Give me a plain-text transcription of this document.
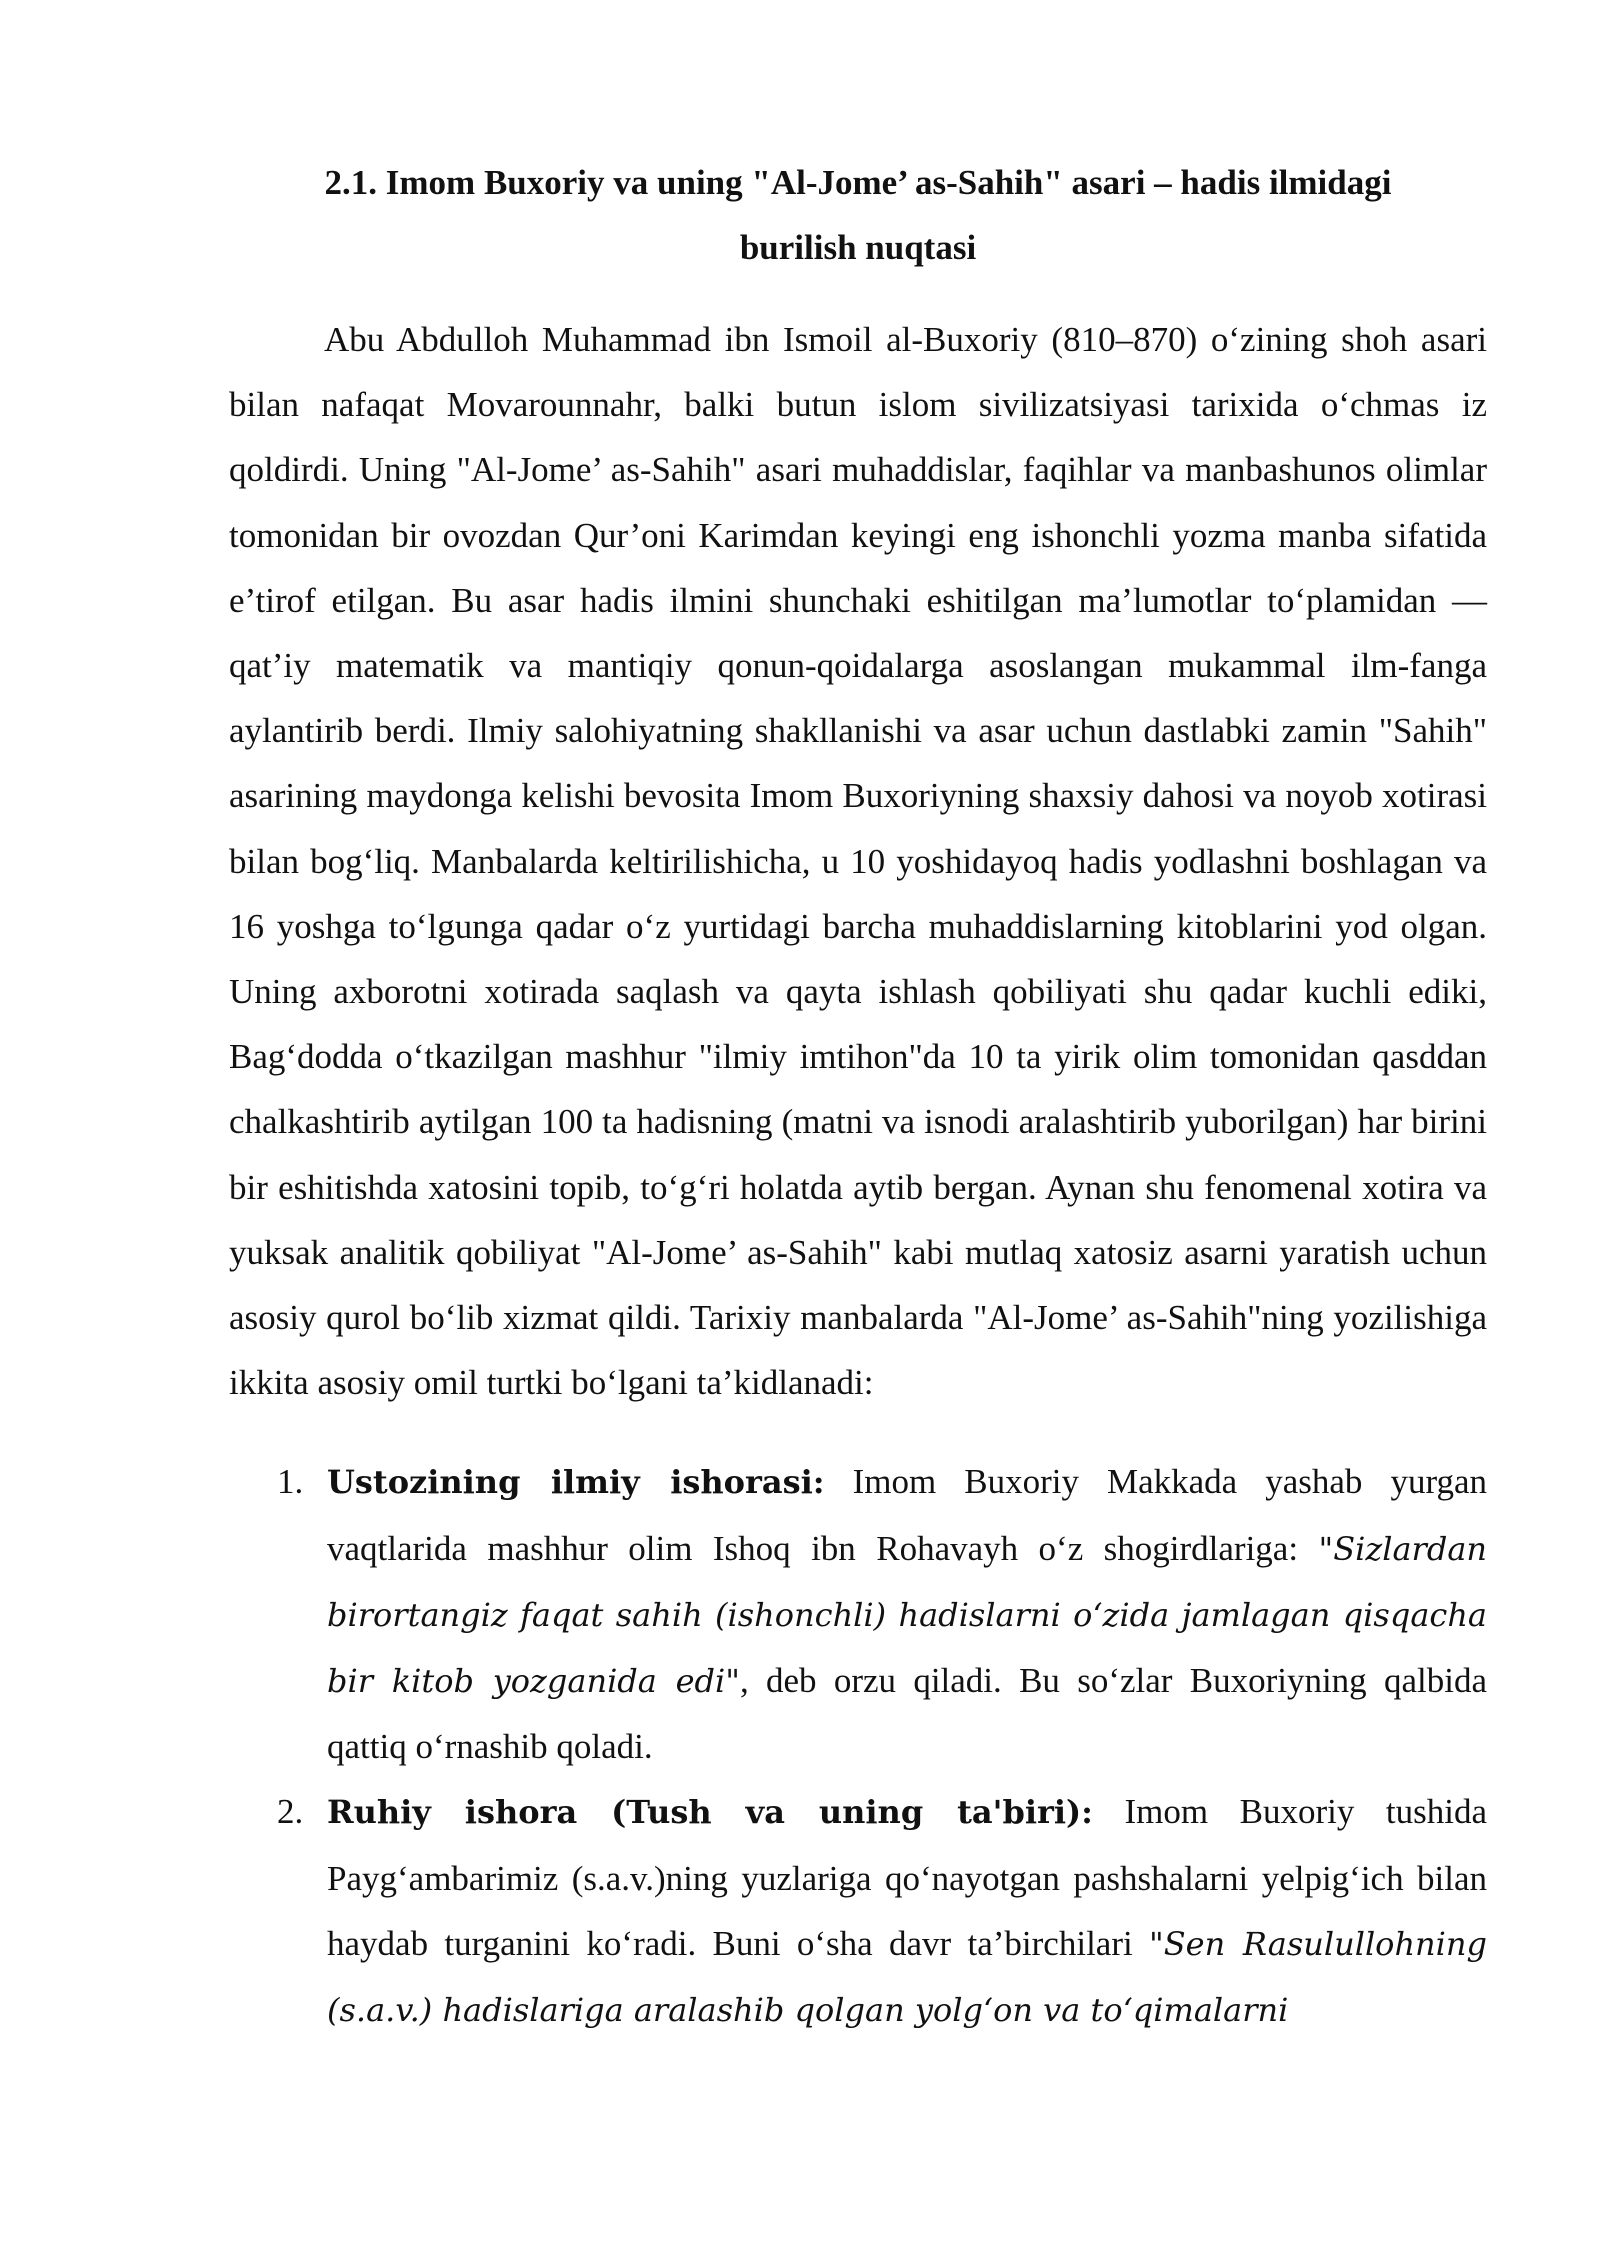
2.1. Imom Buxoriy va uning "Al-Jome’ as-Sahih" asari – hadis ilmidagi
burilish nuqtasi

Abu Abdulloh Muhammad ibn Ismoil al-Buxoriy (810–870) o‘zining shoh asari bilan nafaqat Movarounnahr, balki butun islom sivilizatsiyasi tarixida o‘chmas iz qoldirdi. Uning "Al-Jome’ as-Sahih" asari muhaddislar, faqihlar va manbashunos olimlar tomonidan bir ovozdan Qur’oni Karimdan keyingi eng ishonchli yozma manba sifatida e’tirof etilgan. Bu asar hadis ilmini shunchaki eshitilgan ma’lumotlar to‘plamidan — qat’iy matematik va mantiqiy qonun-qoidalarga asoslangan mukammal ilm-fanga aylantirib berdi. Ilmiy salohiyatning shakllanishi va asar uchun dastlabki zamin "Sahih" asarining maydonga kelishi bevosita Imom Buxoriyning shaxsiy dahosi va noyob xotirasi bilan bog‘liq. Manbalarda keltirilishicha, u 10 yoshidayoq hadis yodlashni boshlagan va 16 yoshga to‘lgunga qadar o‘z yurtidagi barcha muhaddislarning kitoblarini yod olgan. Uning axborotni xotirada saqlash va qayta ishlash qobiliyati shu qadar kuchli ediki, Bag‘dodda o‘tkazilgan mashhur "ilmiy imtihon"da 10 ta yirik olim tomonidan qasddan chalkashtirib aytilgan 100 ta hadisning (matni va isnodi aralashtirib yuborilgan) har birini bir eshitishda xatosini topib, to‘g‘ri holatda aytib bergan. Aynan shu fenomenal xotira va yuksak analitik qobiliyat "Al-Jome’ as-Sahih" kabi mutlaq xatosiz asarni yaratish uchun asosiy qurol bo‘lib xizmat qildi. Tarixiy manbalarda "Al-Jome’ as-Sahih"ning yozilishiga ikkita asosiy omil turtki bo‘lgani ta’kidlanadi:

1. Ustozining ilmiy ishorasi: Imom Buxoriy Makkada yashab yurgan vaqtlarida mashhur olim Ishoq ibn Rohavayh o‘z shogirdlariga: "Sizlardan birortangiz faqat sahih (ishonchli) hadislarni o‘zida jamlagan qisqacha bir kitob yozganida edi", deb orzu qiladi. Bu so‘zlar Buxoriyning qalbida qattiq o‘rnashib qoladi.

2. Ruhiy ishora (Tush va uning ta'biri): Imom Buxoriy tushida Payg‘ambarimiz (s.a.v.)ning yuzlariga qo‘nayotgan pashshalarni yelpig‘ich bilan haydab turganini ko‘radi. Buni o‘sha davr ta’birchilari "Sen Rasulullohning (s.a.v.) hadislariga aralashib qolgan yolg‘on va to‘qimalarni
